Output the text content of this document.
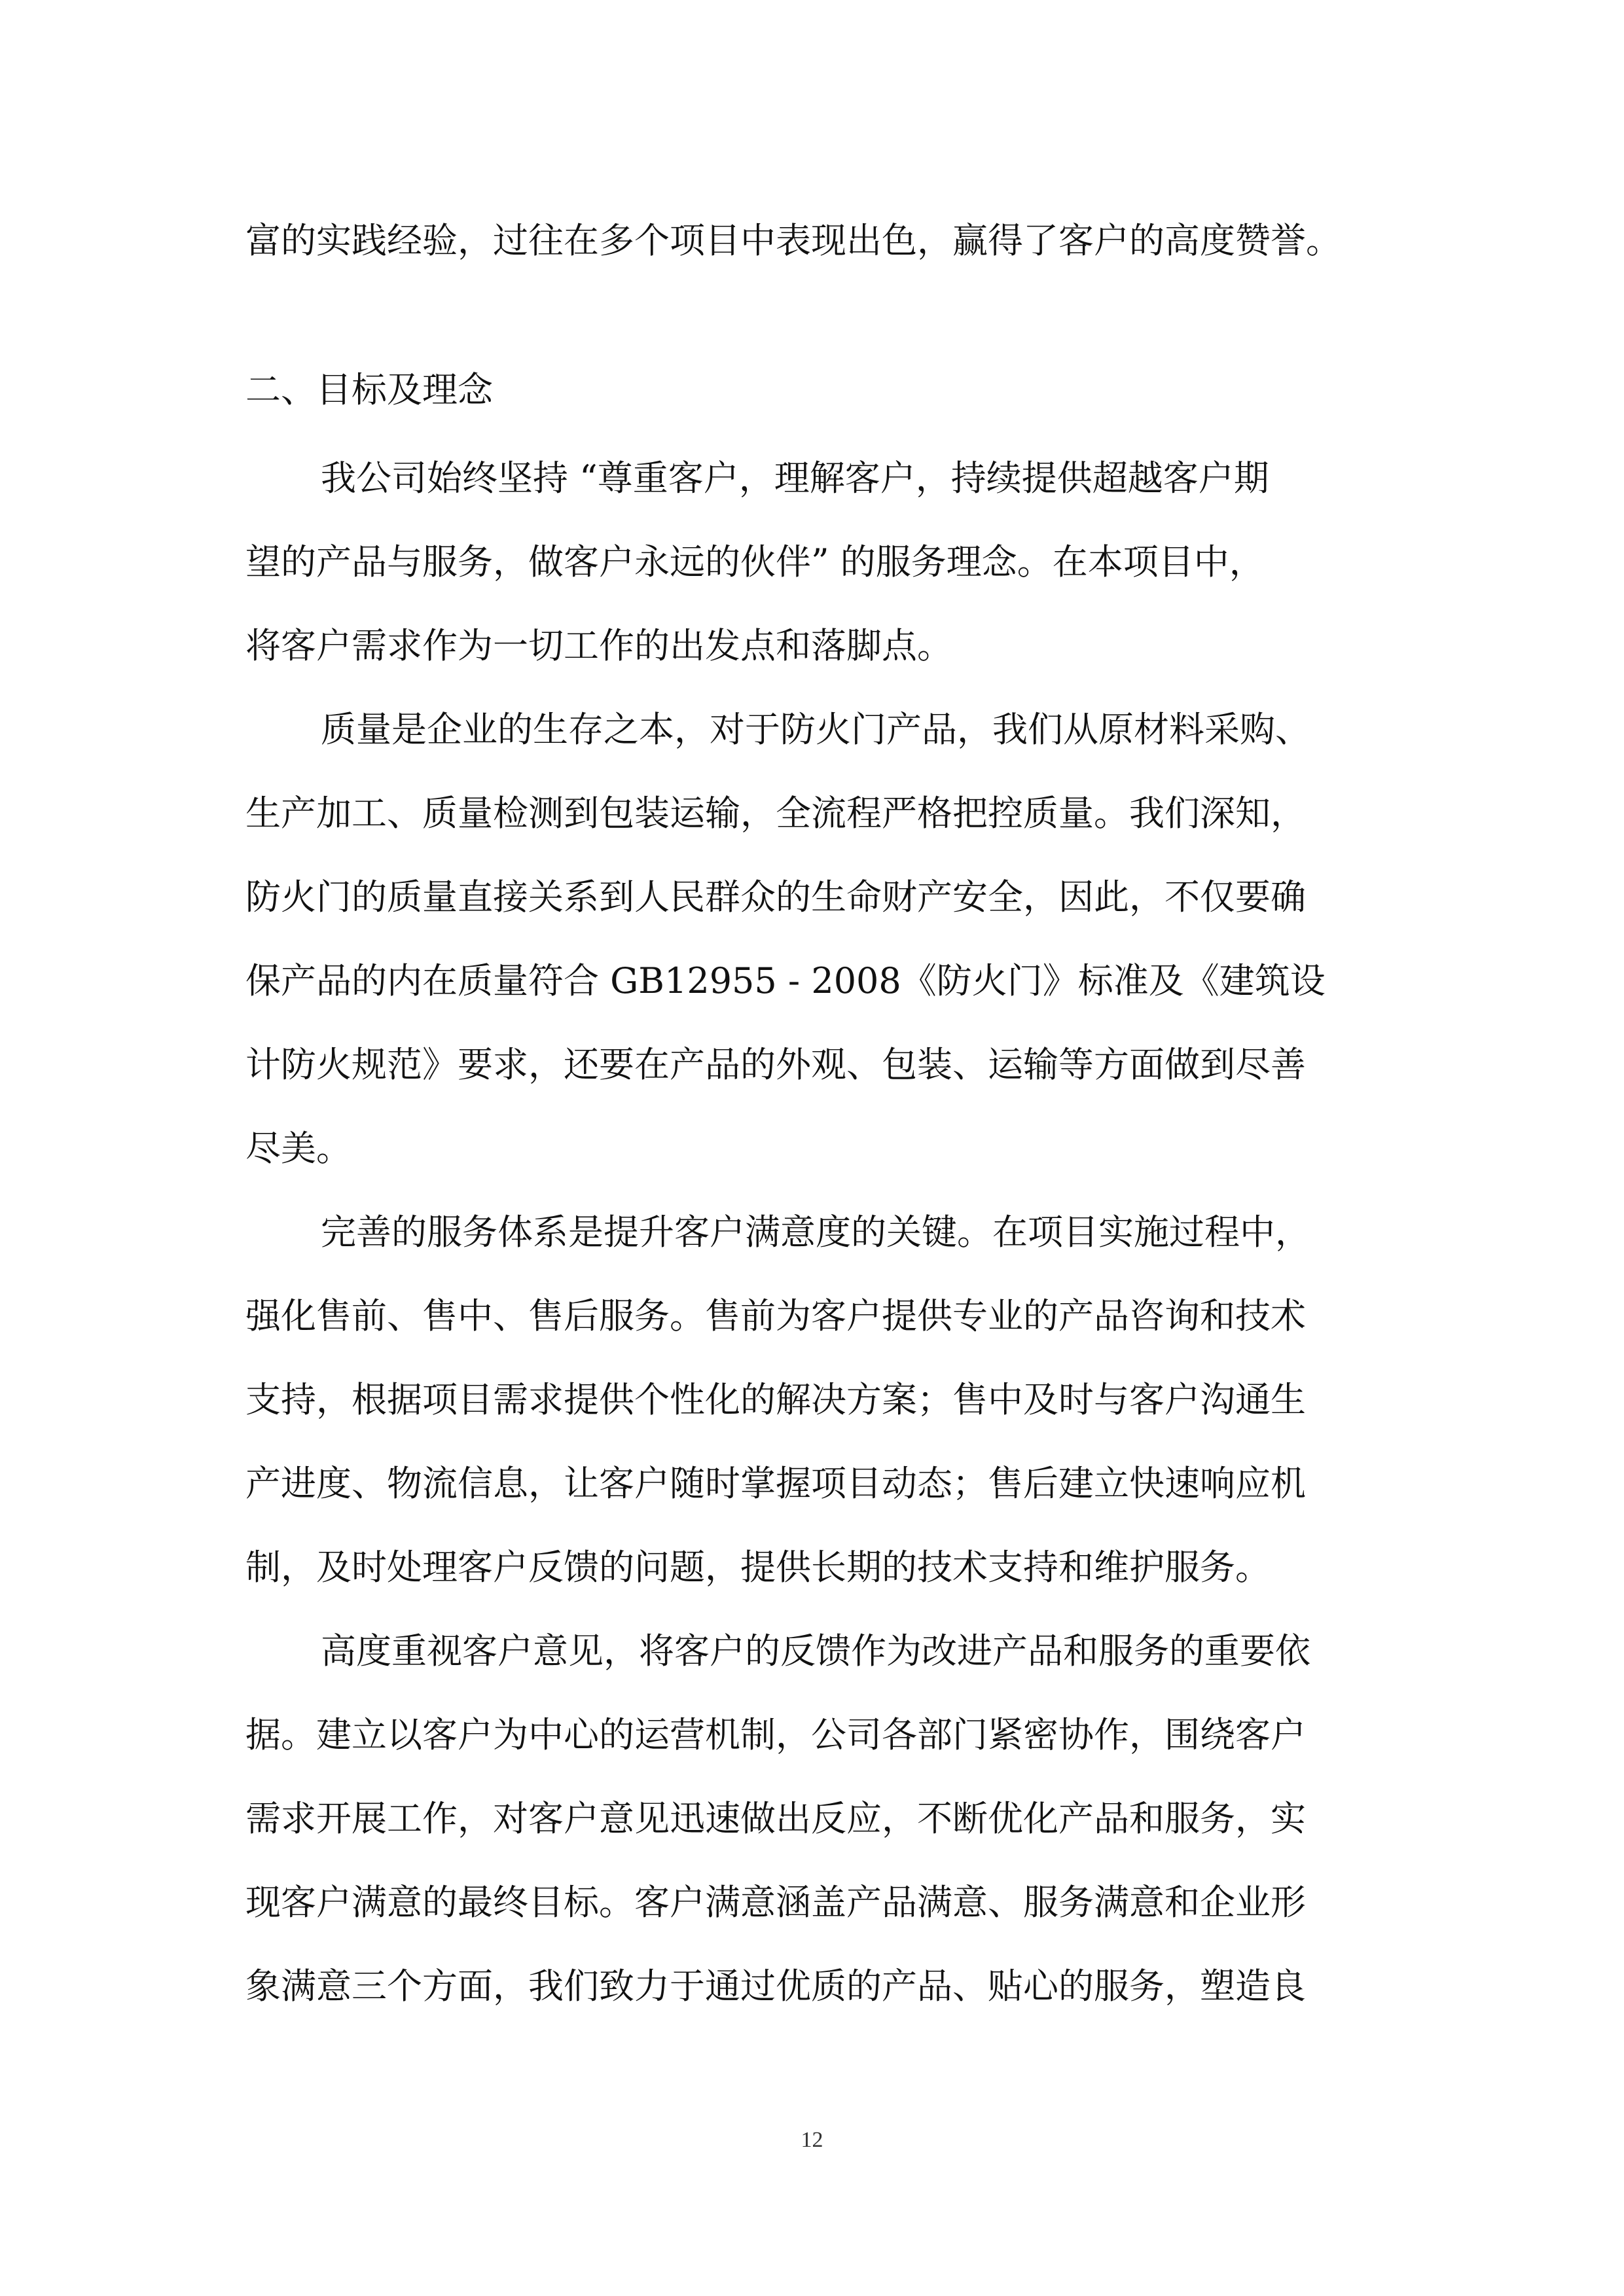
富的实践经验，过往在多个项目中表现出色，赢得了客户的高度赞誉。
二、目标及理念
我公司始终坚持 “尊重客户，理解客户，持续提供超越客户期
望的产品与服务，做客户永远的伙伴” 的服务理念。在本项目中，
将客户需求作为一切工作的出发点和落脚点。
质量是企业的生存之本，对于防火门产品，我们从原材料采购、
生产加工、质量检测到包装运输，全流程严格把控质量。我们深知，
防火门的质量直接关系到人民群众的生命财产安全，因此，不仅要确
保产品的内在质量符合 GB12955 - 2008《防火门》标准及《建筑设
计防火规范》要求，还要在产品的外观、包装、运输等方面做到尽善
尽美。
完善的服务体系是提升客户满意度的关键。在项目实施过程中，
强化售前、售中、售后服务。售前为客户提供专业的产品咨询和技术
支持，根据项目需求提供个性化的解决方案；售中及时与客户沟通生
产进度、物流信息，让客户随时掌握项目动态；售后建立快速响应机
制，及时处理客户反馈的问题，提供长期的技术支持和维护服务。
高度重视客户意见，将客户的反馈作为改进产品和服务的重要依
据。建立以客户为中心的运营机制，公司各部门紧密协作，围绕客户
需求开展工作，对客户意见迅速做出反应，不断优化产品和服务，实
现客户满意的最终目标。客户满意涵盖产品满意、服务满意和企业形
象满意三个方面，我们致力于通过优质的产品、贴心的服务，塑造良
12
